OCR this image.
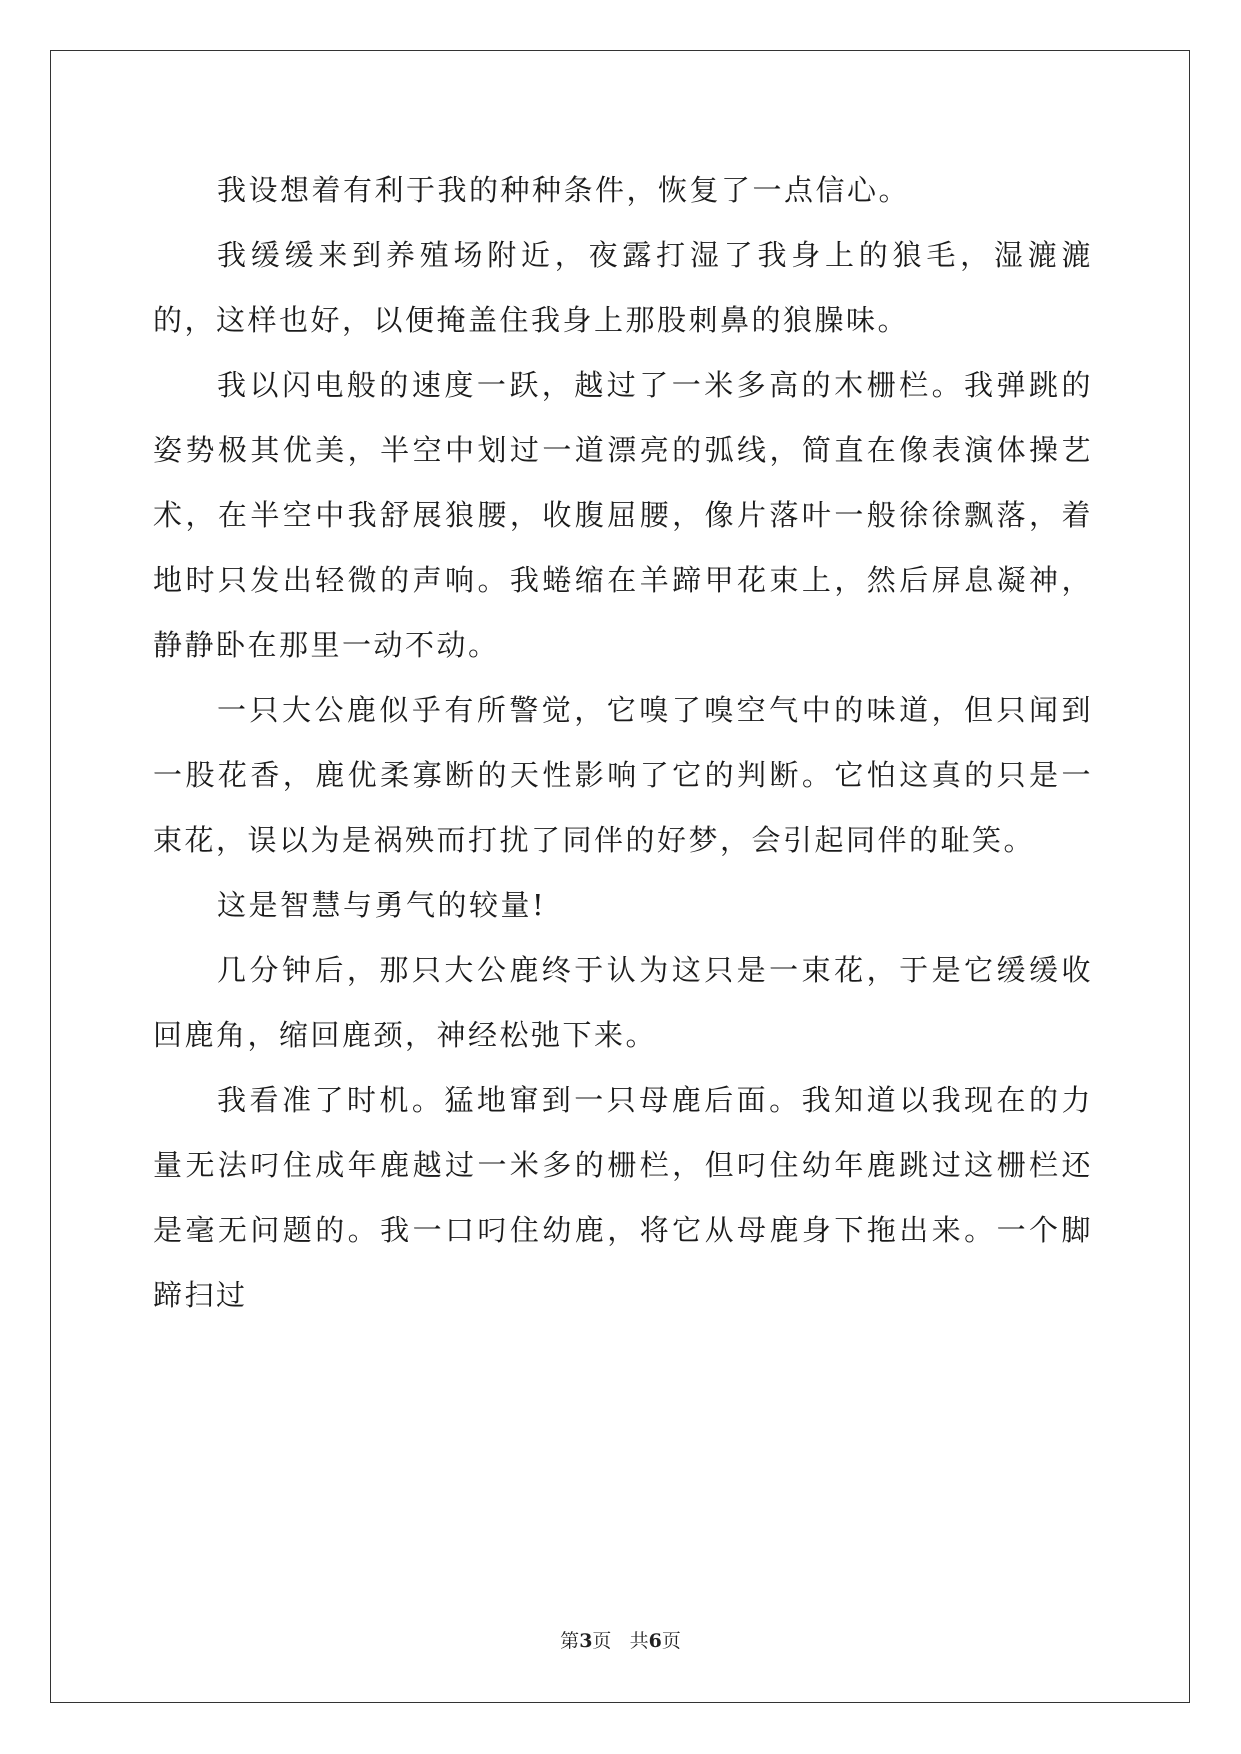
我设想着有利于我的种种条件，恢复了一点信心。

我缓缓来到养殖场附近，夜露打湿了我身上的狼毛，湿漉漉的，这样也好，以便掩盖住我身上那股刺鼻的狼臊味。

我以闪电般的速度一跃，越过了一米多高的木栅栏。我弹跳的姿势极其优美，半空中划过一道漂亮的弧线，简直在像表演体操艺术，在半空中我舒展狼腰，收腹屈腰，像片落叶一般徐徐飘落，着地时只发出轻微的声响。我蜷缩在羊蹄甲花束上，然后屏息凝神，静静卧在那里一动不动。

一只大公鹿似乎有所警觉，它嗅了嗅空气中的味道，但只闻到一股花香，鹿优柔寡断的天性影响了它的判断。它怕这真的只是一束花，误以为是祸殃而打扰了同伴的好梦，会引起同伴的耻笑。

这是智慧与勇气的较量!

几分钟后，那只大公鹿终于认为这只是一束花，于是它缓缓收回鹿角，缩回鹿颈，神经松弛下来。

我看准了时机。猛地窜到一只母鹿后面。我知道以我现在的力量无法叼住成年鹿越过一米多的栅栏，但叼住幼年鹿跳过这栅栏还是毫无问题的。我一口叼住幼鹿，将它从母鹿身下拖出来。一个脚蹄扫过

第3页 共6页
